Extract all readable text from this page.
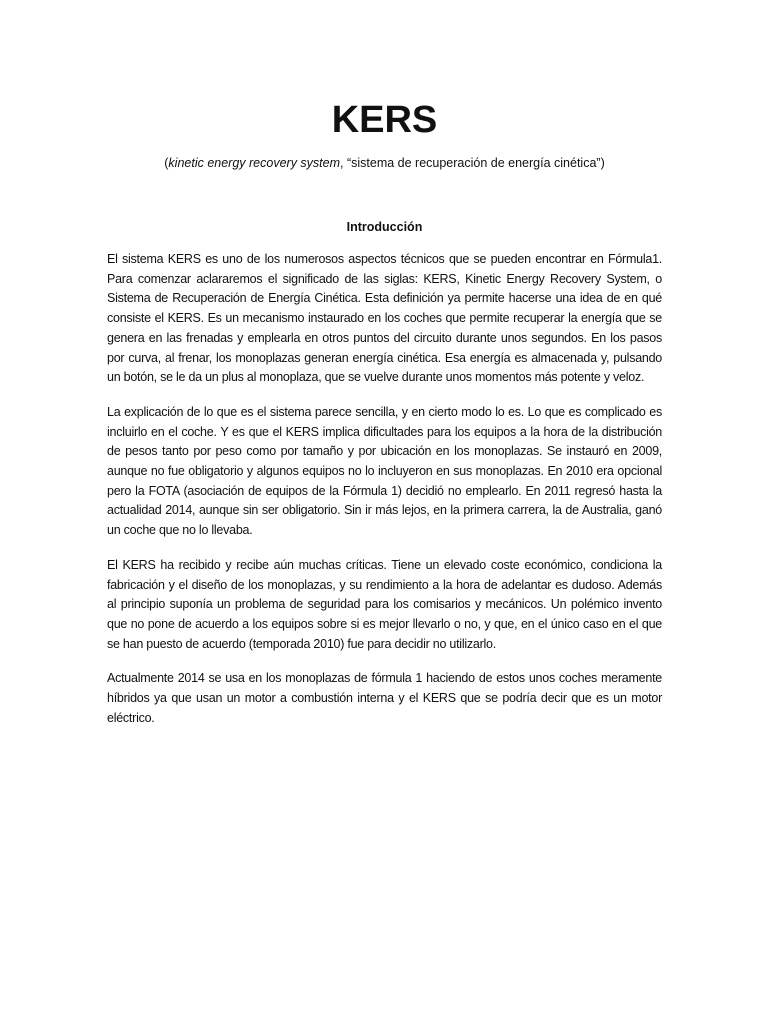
KERS
(kinetic energy recovery system, “sistema de recuperación de energía cinética”)
Introducción

El sistema KERS es uno de los numerosos aspectos técnicos que se pueden encontrar en Fórmula1. Para comenzar aclararemos el significado de las siglas: KERS, Kinetic Energy Recovery System, o Sistema de Recuperación de Energía Cinética. Esta definición ya permite hacerse una idea de en qué consiste el KERS. Es un mecanismo instaurado en los coches que permite recuperar la energía que se genera en las frenadas y emplearla en otros puntos del circuito durante unos segundos. En los pasos por curva, al frenar, los monoplazas generan energía cinética. Esa energía es almacenada y, pulsando un botón, se le da un plus al monoplaza, que se vuelve durante unos momentos más potente y veloz.

La explicación de lo que es el sistema parece sencilla, y en cierto modo lo es. Lo que es complicado es incluirlo en el coche. Y es que el KERS implica dificultades para los equipos a la hora de la distribución de pesos tanto por peso como por tamaño y por ubicación en los monoplazas. Se instauró en 2009, aunque no fue obligatorio y algunos equipos no lo incluyeron en sus monoplazas. En 2010 era opcional pero la FOTA (asociación de equipos de la Fórmula 1) decidió no emplearlo. En 2011 regresó hasta la actualidad 2014, aunque sin ser obligatorio. Sin ir más lejos, en la primera carrera, la de Australia, ganó un coche que no lo llevaba.

El KERS ha recibido y recibe aún muchas críticas. Tiene un elevado coste económico, condiciona la fabricación y el diseño de los monoplazas, y su rendimiento a la hora de adelantar es dudoso. Además al principio suponía un problema de seguridad para los comisarios y mecánicos. Un polémico invento que no pone de acuerdo a los equipos sobre si es mejor llevarlo o no, y que, en el único caso en el que se han puesto de acuerdo (temporada 2010) fue para decidir no utilizarlo.

Actualmente 2014 se usa en los monoplazas de fórmula 1 haciendo de estos unos coches meramente híbridos ya que usan un motor a combustión interna y el KERS que se podría decir que es un motor eléctrico.
